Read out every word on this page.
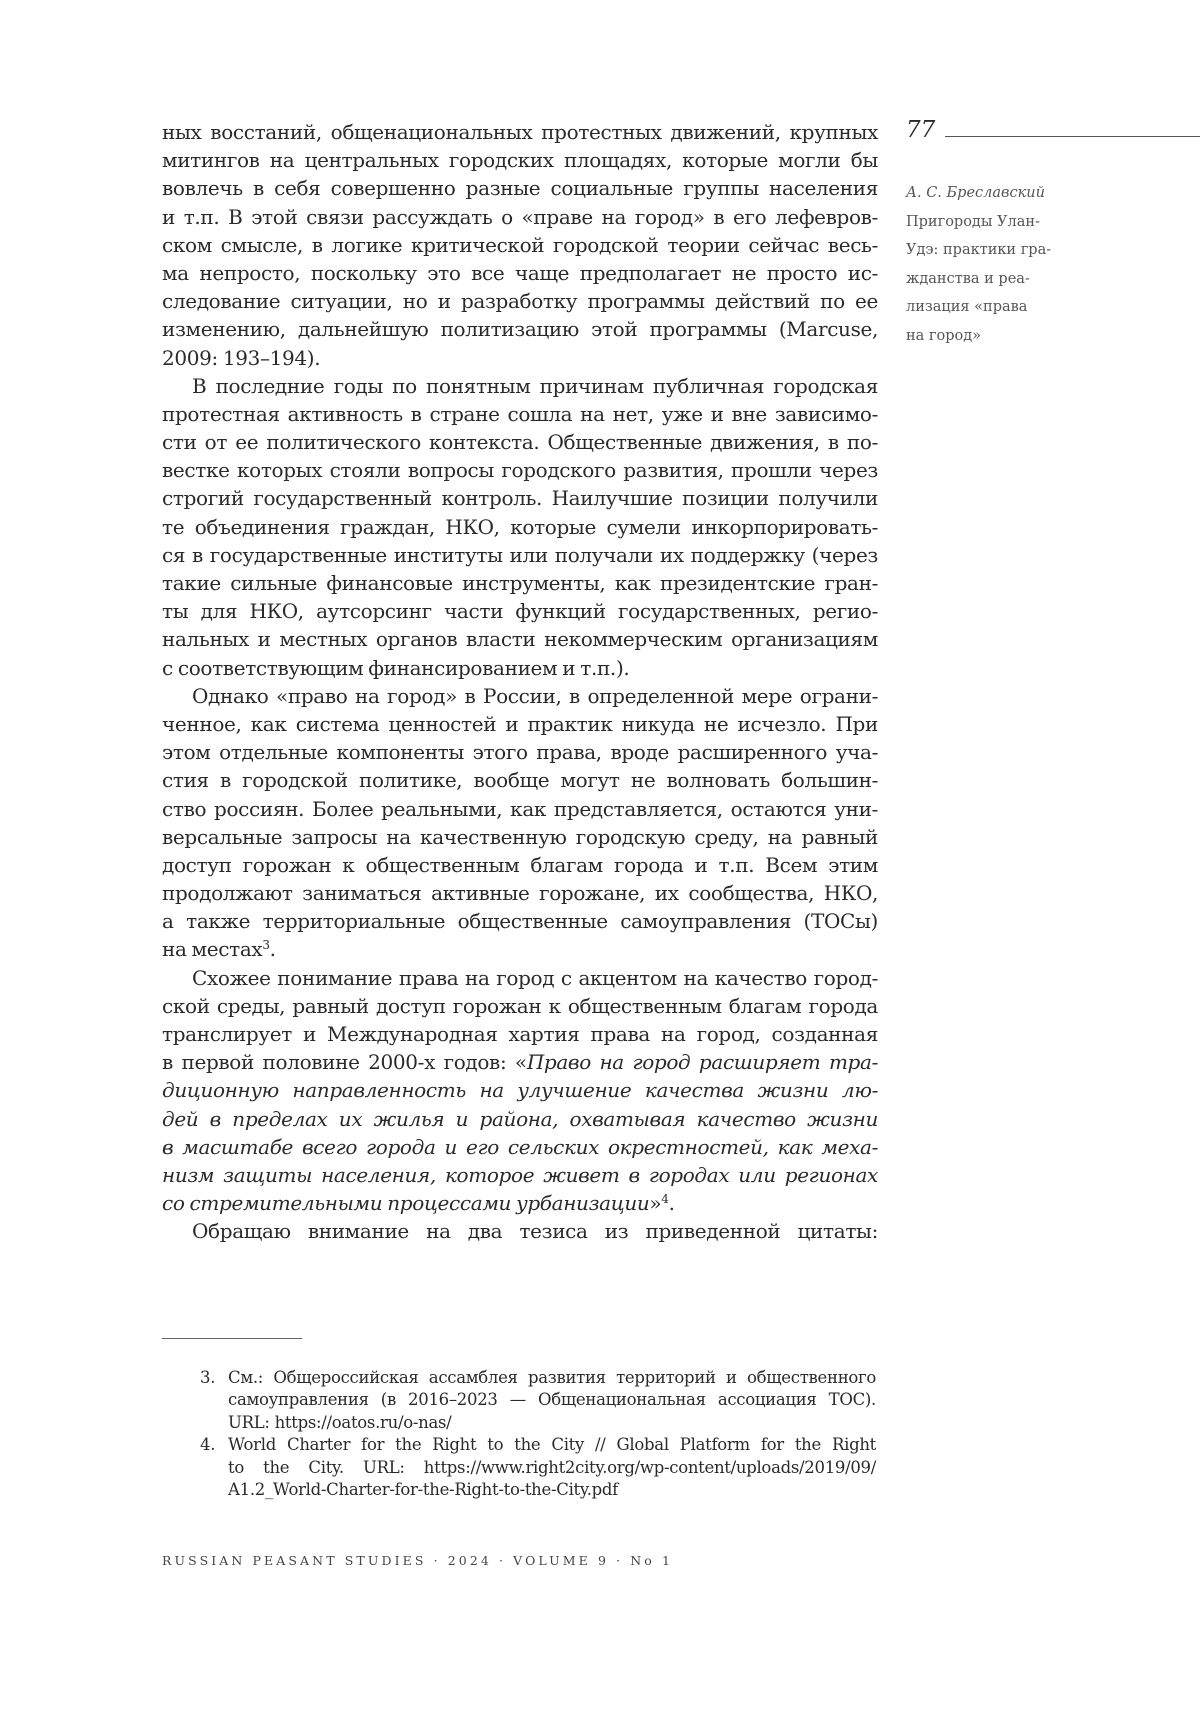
77
А. С. Бреславский
Пригороды Улан-
Удэ: практики гра-
жданства и реа-
лизация «права
на город»
ных восстаний, общенациональных протестных движений, крупных
митингов на центральных городских площадях, которые могли бы
вовлечь в себя совершенно разные социальные группы населения
и т.п. В этой связи рассуждать о «праве на город» в его лефевров-
ском смысле, в логике критической городской теории сейчас весь-
ма непросто, поскольку это все чаще предполагает не просто ис-
следование ситуации, но и разработку программы действий по ее
изменению, дальнейшую политизацию этой программы (Marcuse,
2009: 193–194).
В последние годы по понятным причинам публичная городская
протестная активность в стране сошла на нет, уже и вне зависимо-
сти от ее политического контекста. Общественные движения, в по-
вестке которых стояли вопросы городского развития, прошли через
строгий государственный контроль. Наилучшие позиции получили
те объединения граждан, НКО, которые сумели инкорпорировать-
ся в государственные институты или получали их поддержку (через
такие сильные финансовые инструменты, как президентские гран-
ты для НКО, аутсорсинг части функций государственных, регио-
нальных и местных органов власти некоммерческим организациям
с соответствующим финансированием и т.п.).
Однако «право на город» в России, в определенной мере ограни-
ченное, как система ценностей и практик никуда не исчезло. При
этом отдельные компоненты этого права, вроде расширенного уча-
стия в городской политике, вообще могут не волновать большин-
ство россиян. Более реальными, как представляется, остаются уни-
версальные запросы на качественную городскую среду, на равный
доступ горожан к общественным благам города и т.п. Всем этим
продолжают заниматься активные горожане, их сообщества, НКО,
а также территориальные общественные самоуправления (ТОСы)
на местах$^3$.
Схожее понимание права на город с акцентом на качество город-
ской среды, равный доступ горожан к общественным благам города
транслирует и Международная хартия права на город, созданная
в первой половине 2000-х годов: «Право на город расширяет тра-
диционную направленность на улучшение качества жизни лю-
дей в пределах их жилья и района, охватывая качество жизни
в масштабе всего города и его сельских окрестностей, как меха-
низм защиты населения, которое живет в городах или регионах
со стремительными процессами урбанизации»$^4$.
Обращаю внимание на два тезиса из приведенной цитаты:
3. См.: Общероссийская ассамблея развития территорий и общественного
самоуправления (в 2016–2023 — Общенациональная ассоциация ТОС).
URL: https://oatos.ru/o-nas/
4. World Charter for the Right to the City // Global Platform for the Right
to the City. URL: https://www.right2city.org/wp-content/uploads/2019/09/
A1.2_World-Charter-for-the-Right-to-the-City.pdf
RUSSIAN PEASANT STUDIES · 2024 · VOLUME 9 · No 1
